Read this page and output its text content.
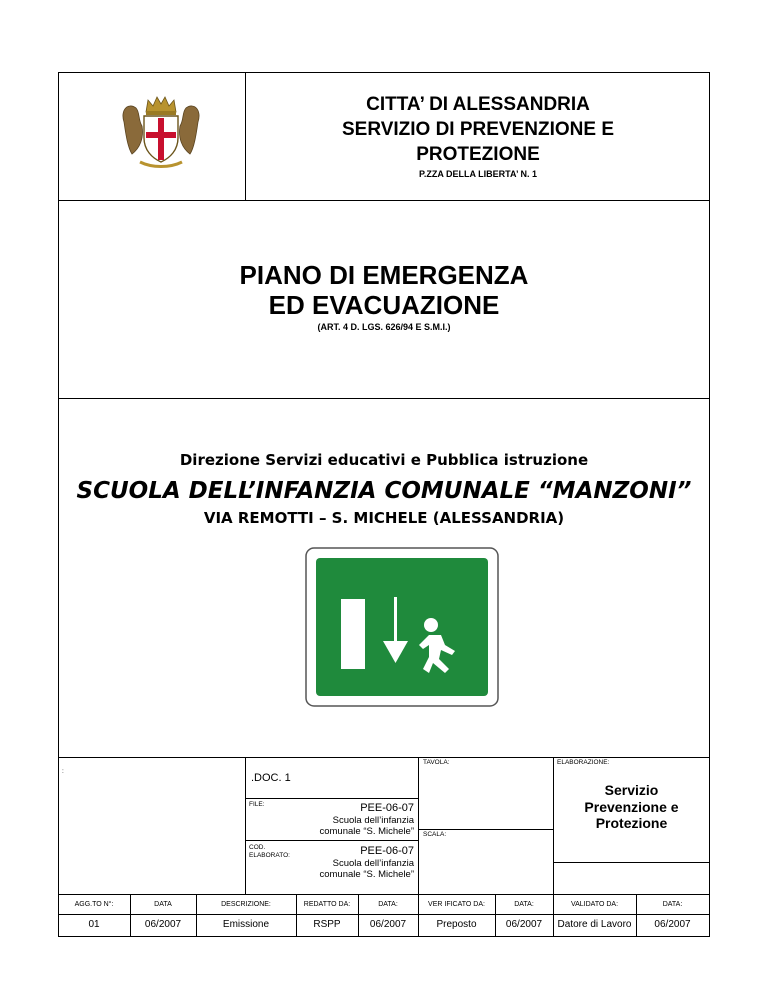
CITTA’ DI ALESSANDRIA
SERVIZIO DI PREVENZIONE E
PROTEZIONE
P.ZZA DELLA LIBERTA’ N. 1
PIANO DI EMERGENZA
ED EVACUAZIONE
(ART. 4 D. LGS. 626/94 E S.M.I.)
Direzione Servizi educativi e Pubblica istruzione
SCUOLA DELL’INFANZIA COMUNALE “MANZONI”
VIA REMOTTI – S. MICHELE (ALESSANDRIA)
:
.DOC. 1
TAVOLA:	ELABORAZIONE:
Servizio
Prevenzione e
Protezione
FILE:	PEE-06-07
Scuola dell’infanzia
comunale “S. Michele” SCALA:
COD.
ELABORATO:	PEE-06-07
Scuola dell’infanzia
comunale “S. Michele”
AGG.TO N°:	DATA	DESCRIZIONE:	REDATTO DA:	DATA:	VER IFICATO DA:	DATA:	VALIDATO DA:	DATA:
01	06/2007	Emissione	RSPP	06/2007	Preposto	06/2007	Datore di Lavoro	06/2007
